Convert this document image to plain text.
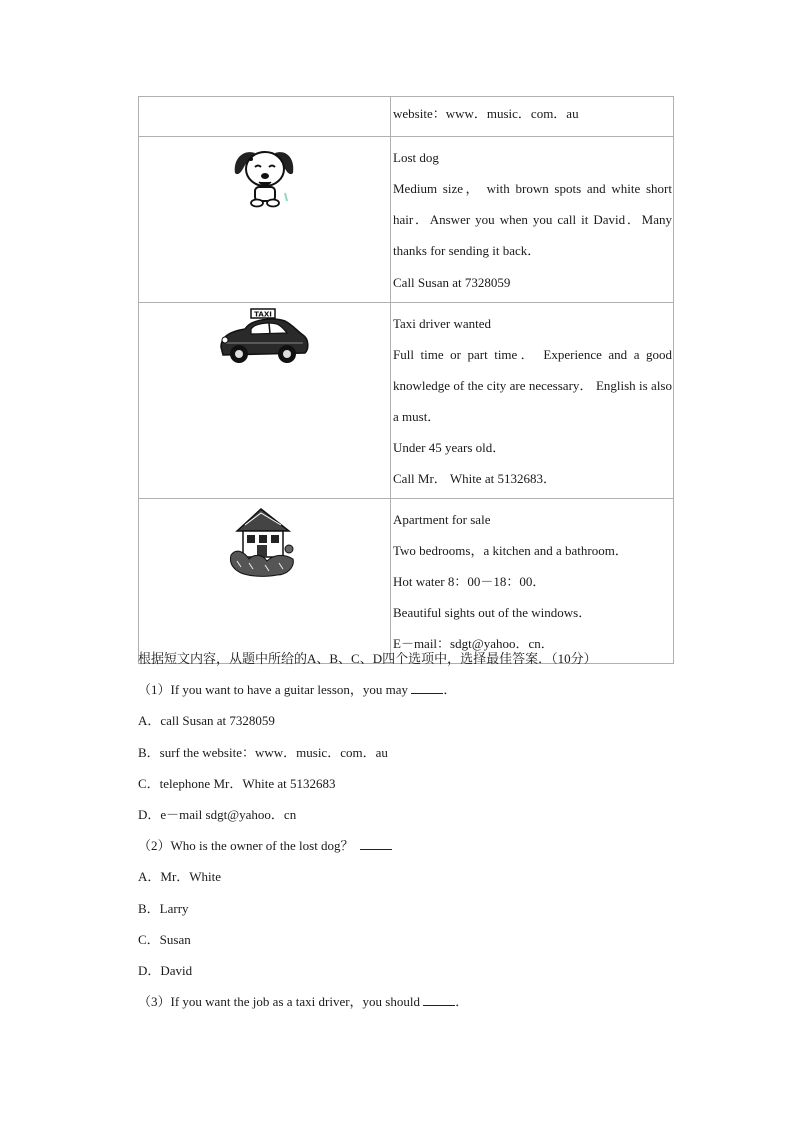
	website：www．music．com．au

Lost dog
Medium size， with brown spots and white short hair．Answer you when you call it David．Many thanks for sending it back．
Call Susan at 7328059

TAXI	Taxi driver wanted
Full time or part time． Experience and a good knowledge of the city are necessary． English is also a must．
Under 45 years old．
Call Mr． White at 5132683．

Apartment for sale
Two bedrooms，a kitchen and a bathroom．
Hot water 8：00－18：00．
Beautiful sights out of the windows．
E－mail：sdgt@yahoo．cn．
根据短文内容，从题中所给的A、B、C、D四个选项中，选择最佳答案．（10分）
（1）If you want to have a guitar lesson，you may	．
A．call Susan at 7328059
B．surf the website：www．music．com．au
C．telephone Mr．White at 5132683
D．e－mail sdgt@yahoo．cn
（2）Who is the owner of the lost dog？
A．Mr．White
B．Larry
C．Susan
D．David
（3）If you want the job as a taxi driver，you should	．
